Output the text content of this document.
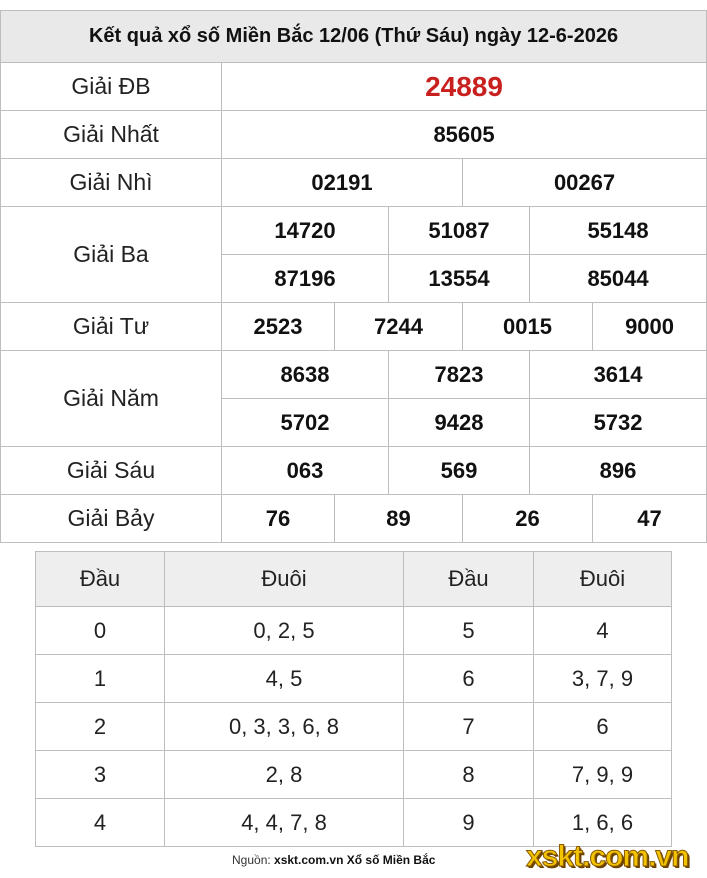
Kết quả xổ số Miền Bắc 12/06 (Thứ Sáu) ngày 12-6-2026						
Giải ĐB	24889					
Giải Nhất	85605					
Giải Nhì	02191			00267		
Giải Ba	14720		51087		55148	
	87196		13554		85044	
Giải Tư	2523	7244		0015		9000
Giải Năm	8638		7823		3614	
	5702		9428		5732	
Giải Sáu	063		569		896	
Giải Bảy	76	89		26		47
Đầu	Đuôi	Đầu	Đuôi
0	0, 2, 5	5	4
1	4, 5	6	3, 7, 9
2	0, 3, 3, 6, 8	7	6
3	2, 8	8	7, 9, 9
4	4, 4, 7, 8	9	1, 6, 6
Nguồn: xskt.com.vn Xổ số Miền Bắc	xskt.com.vn
